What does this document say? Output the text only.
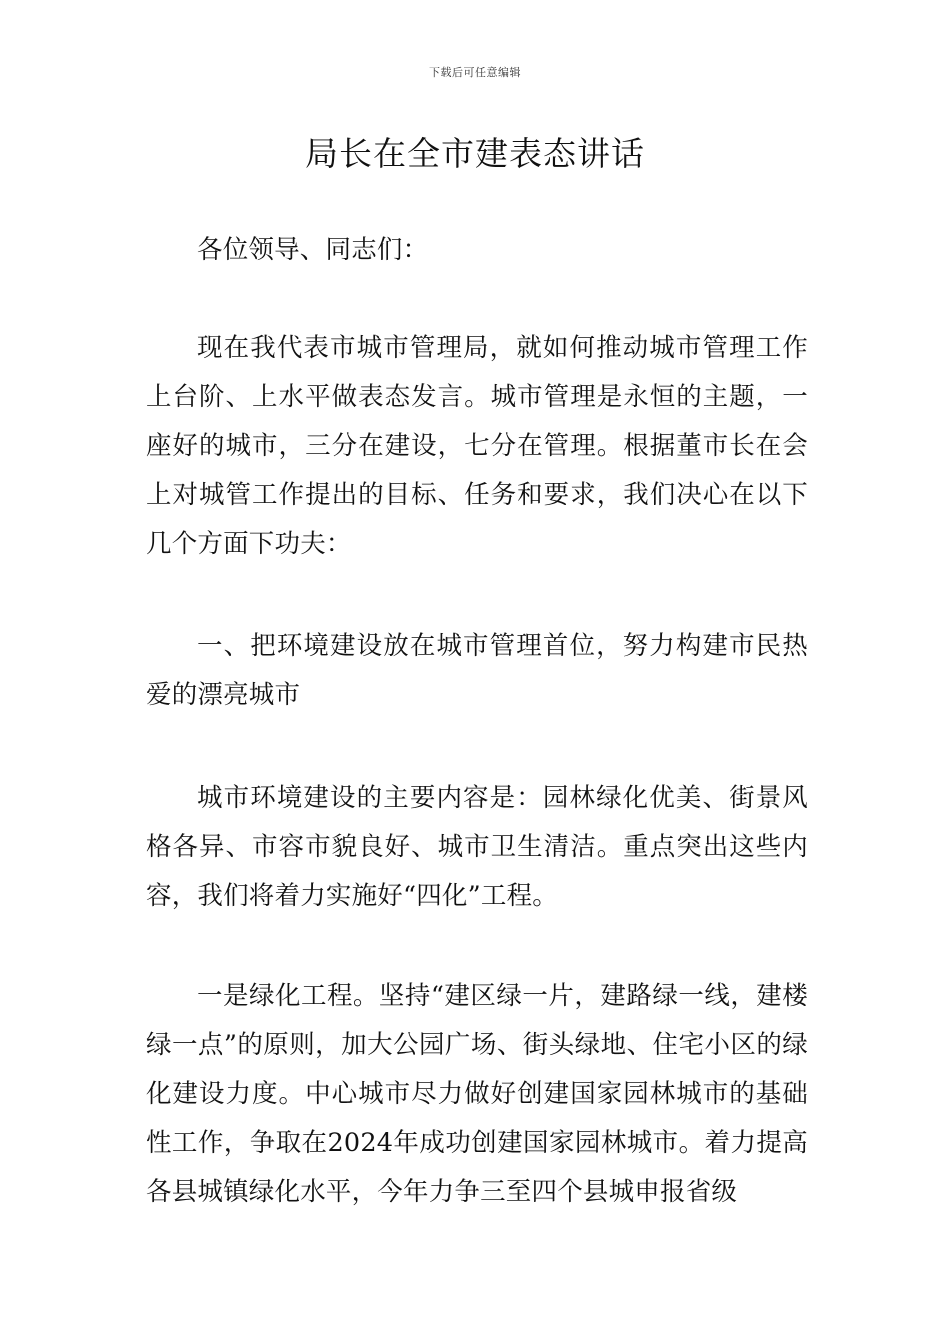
下载后可任意编辑
局长在全市建表态讲话

各位领导、同志们：

现在我代表市城市管理局，就如何推动城市管理工作上台阶、上水平做表态发言。城市管理是永恒的主题，一座好的城市，三分在建设，七分在管理。根据董市长在会上对城管工作提出的目标、任务和要求，我们决心在以下几个方面下功夫：

一、把环境建设放在城市管理首位，努力构建市民热爱的漂亮城市

城市环境建设的主要内容是：园林绿化优美、街景风格各异、市容市貌良好、城市卫生清洁。重点突出这些内容，我们将着力实施好“四化”工程。

一是绿化工程。坚持“建区绿一片，建路绿一线，建楼绿一点”的原则，加大公园广场、街头绿地、住宅小区的绿化建设力度。中心城市尽力做好创建国家园林城市的基础性工作，争取在2024年成功创建国家园林城市。着力提高各县城镇绿化水平，今年力争三至四个县城申报省级
